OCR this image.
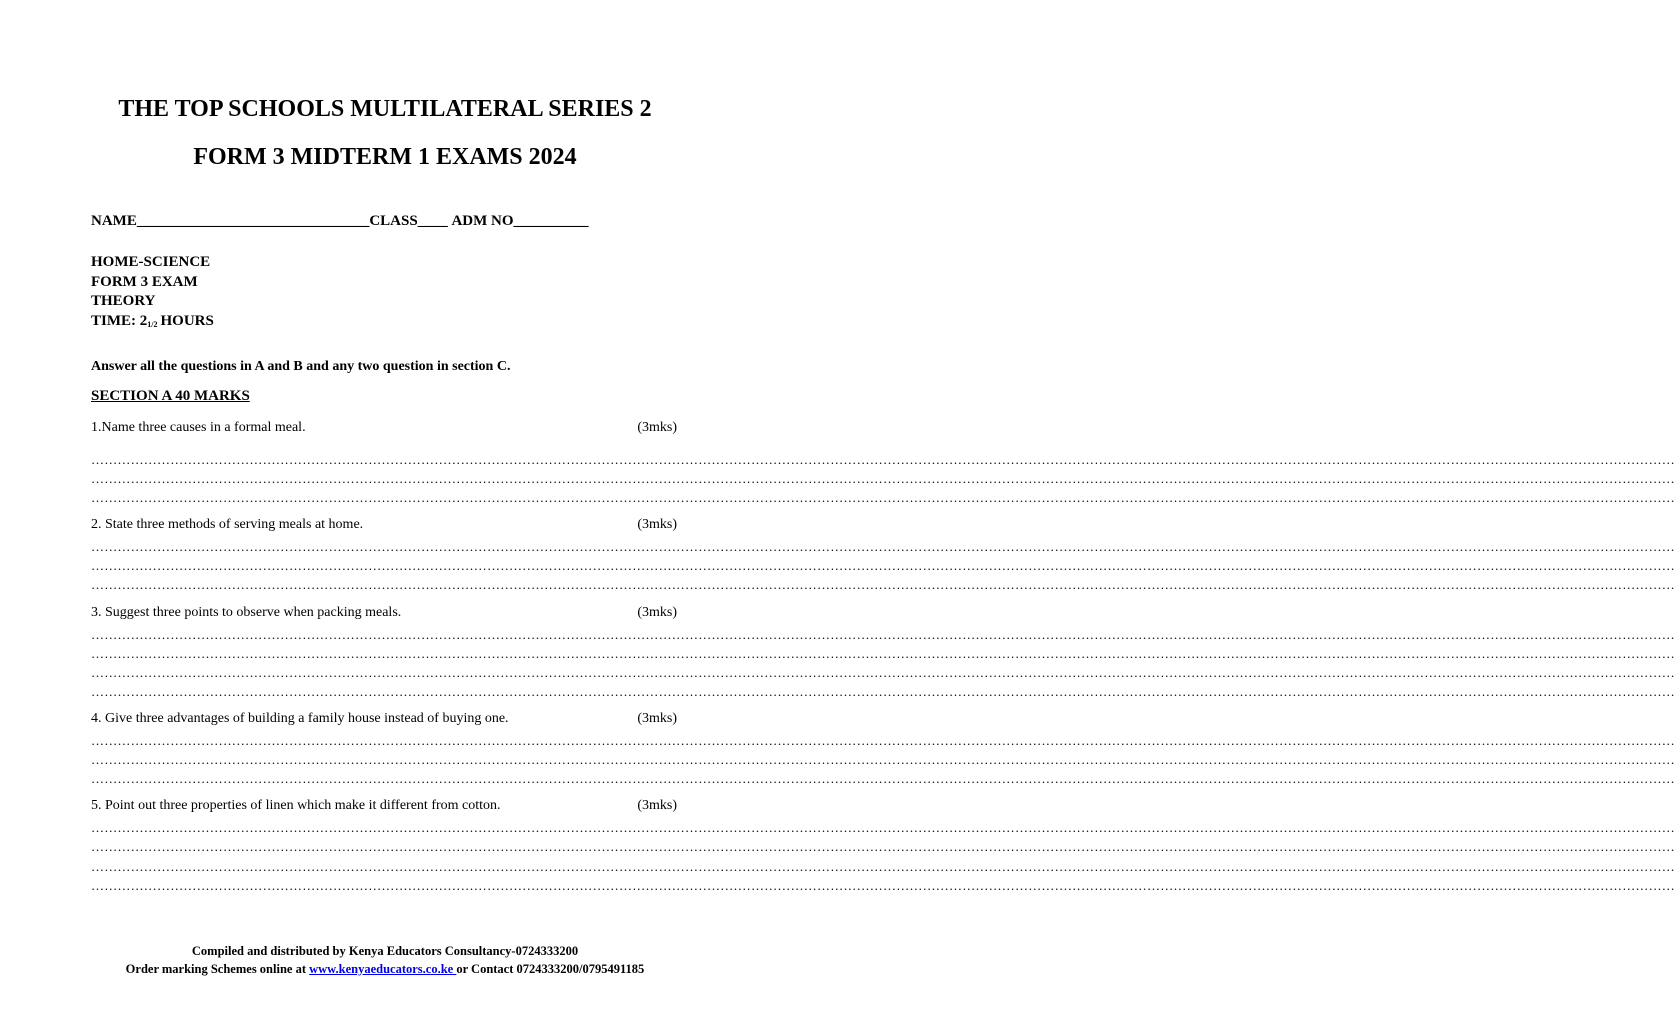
THE TOP SCHOOLS MULTILATERAL SERIES 2
FORM 3 MIDTERM 1 EXAMS 2024
NAME_______________________________CLASS____ ADM NO__________
HOME-SCIENCE
FORM 3 EXAM
THEORY
TIME: 21/2 HOURS
Answer all the questions in A and B and any two question in section C.
SECTION A 40 MARKS
1.Name three causes in a formal meal.	(3mks)
………………………………………………………………………………………………………………………………………………………………………………………………………………………………………………………………………………………………………………………………
………………………………………………………………………………………………………………………………………………………………………………………………………………………………………………………………………………………………………………………………
………………………………………………………………………………………………………………………………………………………………………………………………………………………………………………………………………………………………………………………………
2. State three methods of serving meals at home.	(3mks)
………………………………………………………………………………………………………………………………………………………………………………………………………………………………………………………………………………………………………………………………
………………………………………………………………………………………………………………………………………………………………………………………………………………………………………………………………………………………………………………………………
………………………………………………………………………………………………………………………………………………………………………………………………………………………………………………………………………………………………………………………………
3. Suggest three points to observe when packing meals.	(3mks)
………………………………………………………………………………………………………………………………………………………………………………………………………………………………………………………………………………………………………………………………
………………………………………………………………………………………………………………………………………………………………………………………………………………………………………………………………………………………………………………………………
………………………………………………………………………………………………………………………………………………………………………………………………………………………………………………………………………………………………………………………………
………………………………………………………………………………………………………………………………………………………………………………………………………………………………………………………………………………………………………………………………
4. Give three advantages of building a family house instead of buying one.	(3mks)
………………………………………………………………………………………………………………………………………………………………………………………………………………………………………………………………………………………………………………………………
………………………………………………………………………………………………………………………………………………………………………………………………………………………………………………………………………………………………………………………………
………………………………………………………………………………………………………………………………………………………………………………………………………………………………………………………………………………………………………………………………
5. Point out three properties of linen which make it different from cotton.	(3mks)
………………………………………………………………………………………………………………………………………………………………………………………………………………………………………………………………………………………………………………………………
………………………………………………………………………………………………………………………………………………………………………………………………………………………………………………………………………………………………………………………………
………………………………………………………………………………………………………………………………………………………………………………………………………………………………………………………………………………………………………………………………
………………………………………………………………………………………………………………………………………………………………………………………………………………………………………………………………………………………………………………………………
Compiled and distributed by Kenya Educators Consultancy-0724333200
Order marking Schemes online at www.kenyaeducators.co.ke or Contact 0724333200/0795491185
